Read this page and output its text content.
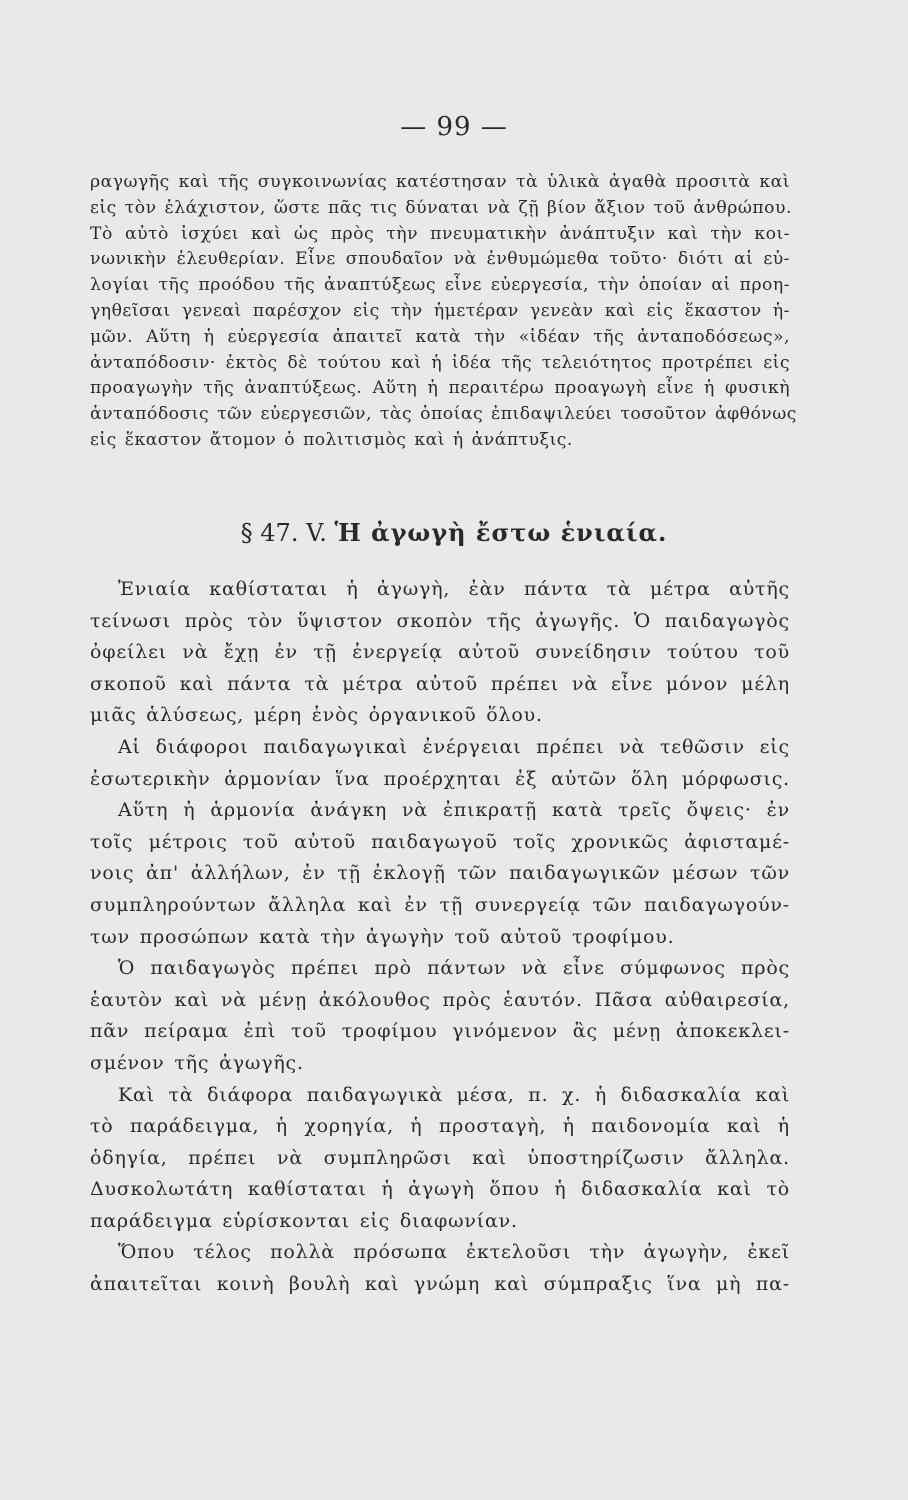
— 99 —
ραγωγῆς καὶ τῆς συγκοινωνίας κατέστησαν τὰ ὑλικὰ ἀγαθὰ προσιτὰ καὶ
εἰς τὸν ἐλάχιστον, ὥστε πᾶς τις δύναται νὰ ζῇ βίον ἄξιον τοῦ ἀνθρώπου.
Τὸ αὐτὸ ἰσχύει καὶ ὡς πρὸς τὴν πνευματικὴν ἀνάπτυξιν καὶ τὴν κοι-
νωνικὴν ἐλευθερίαν. Εἶνε σπουδαῖον νὰ ἐνθυμώμεθα τοῦτο· διότι αἱ εὐ-
λογίαι τῆς προόδου τῆς ἀναπτύξεως εἶνε εὐεργεσία, τὴν ὁποίαν αἱ προη-
γηθεῖσαι γενεαὶ παρέσχον εἰς τὴν ἡμετέραν γενεὰν καὶ εἰς ἕκαστον ἡ-
μῶν. Αὕτη ἡ εὐεργεσία ἀπαιτεῖ κατὰ τὴν «ἰδέαν τῆς ἀνταποδόσεως»,
ἀνταπόδοσιν· ἐκτὸς δὲ τούτου καὶ ἡ ἰδέα τῆς τελειότητος προτρέπει εἰς
προαγωγὴν τῆς ἀναπτύξεως. Αὕτη ἡ περαιτέρω προαγωγὴ εἶνε ἡ φυσικὴ
ἀνταπόδοσις τῶν εὐεργεσιῶν, τὰς ὁποίας ἐπιδαψιλεύει τοσοῦτον ἀφθόνως
εἰς ἕκαστον ἄτομον ὁ πολιτισμὸς καὶ ἡ ἀνάπτυξις.
§ 47. V. Ἡ ἀγωγὴ ἔστω ἑνιαία.
Ἑνιαία καθίσταται ἡ ἀγωγὴ, ἐὰν πάντα τὰ μέτρα αὐτῆς
τείνωσι πρὸς τὸν ὕψιστον σκοπὸν τῆς ἀγωγῆς. Ὁ παιδαγωγὸς
ὀφείλει νὰ ἔχῃ ἐν τῇ ἐνεργείᾳ αὐτοῦ συνείδησιν τούτου τοῦ
σκοποῦ καὶ πάντα τὰ μέτρα αὐτοῦ πρέπει νὰ εἶνε μόνον μέλη
μιᾶς ἁλύσεως, μέρη ἑνὸς ὀργανικοῦ ὅλου.
Αἱ διάφοροι παιδαγωγικαὶ ἐνέργειαι πρέπει νὰ τεθῶσιν εἰς
ἐσωτερικὴν ἁρμονίαν ἵνα προέρχηται ἐξ αὐτῶν ὅλη μόρφωσις.
Αὕτη ἡ ἁρμονία ἀνάγκη νὰ ἐπικρατῇ κατὰ τρεῖς ὄψεις· ἐν
τοῖς μέτροις τοῦ αὐτοῦ παιδαγωγοῦ τοῖς χρονικῶς ἀφισταμέ-
νοις ἀπ' ἀλλήλων, ἐν τῇ ἐκλογῇ τῶν παιδαγωγικῶν μέσων τῶν
συμπληρούντων ἄλληλα καὶ ἐν τῇ συνεργείᾳ τῶν παιδαγωγούν-
των προσώπων κατὰ τὴν ἀγωγὴν τοῦ αὐτοῦ τροφίμου.
Ὁ παιδαγωγὸς πρέπει πρὸ πάντων νὰ εἶνε σύμφωνος πρὸς
ἑαυτὸν καὶ νὰ μένῃ ἀκόλουθος πρὸς ἑαυτόν. Πᾶσα αὐθαιρεσία,
πᾶν πείραμα ἐπὶ τοῦ τροφίμου γινόμενον ἂς μένῃ ἀποκεκλει-
σμένον τῆς ἀγωγῆς.
Καὶ τὰ διάφορα παιδαγωγικὰ μέσα, π. χ. ἡ διδασκαλία καὶ
τὸ παράδειγμα, ἡ χορηγία, ἡ προσταγὴ, ἡ παιδονομία καὶ ἡ
ὁδηγία, πρέπει νὰ συμπληρῶσι καὶ ὑποστηρίζωσιν ἄλληλα.
Δυσκολωτάτη καθίσταται ἡ ἀγωγὴ ὅπου ἡ διδασκαλία καὶ τὸ
παράδειγμα εὑρίσκονται εἰς διαφωνίαν.
Ὅπου τέλος πολλὰ πρόσωπα ἐκτελοῦσι τὴν ἀγωγὴν, ἐκεῖ
ἀπαιτεῖται κοινὴ βουλὴ καὶ γνώμη καὶ σύμπραξις ἵνα μὴ πα-
